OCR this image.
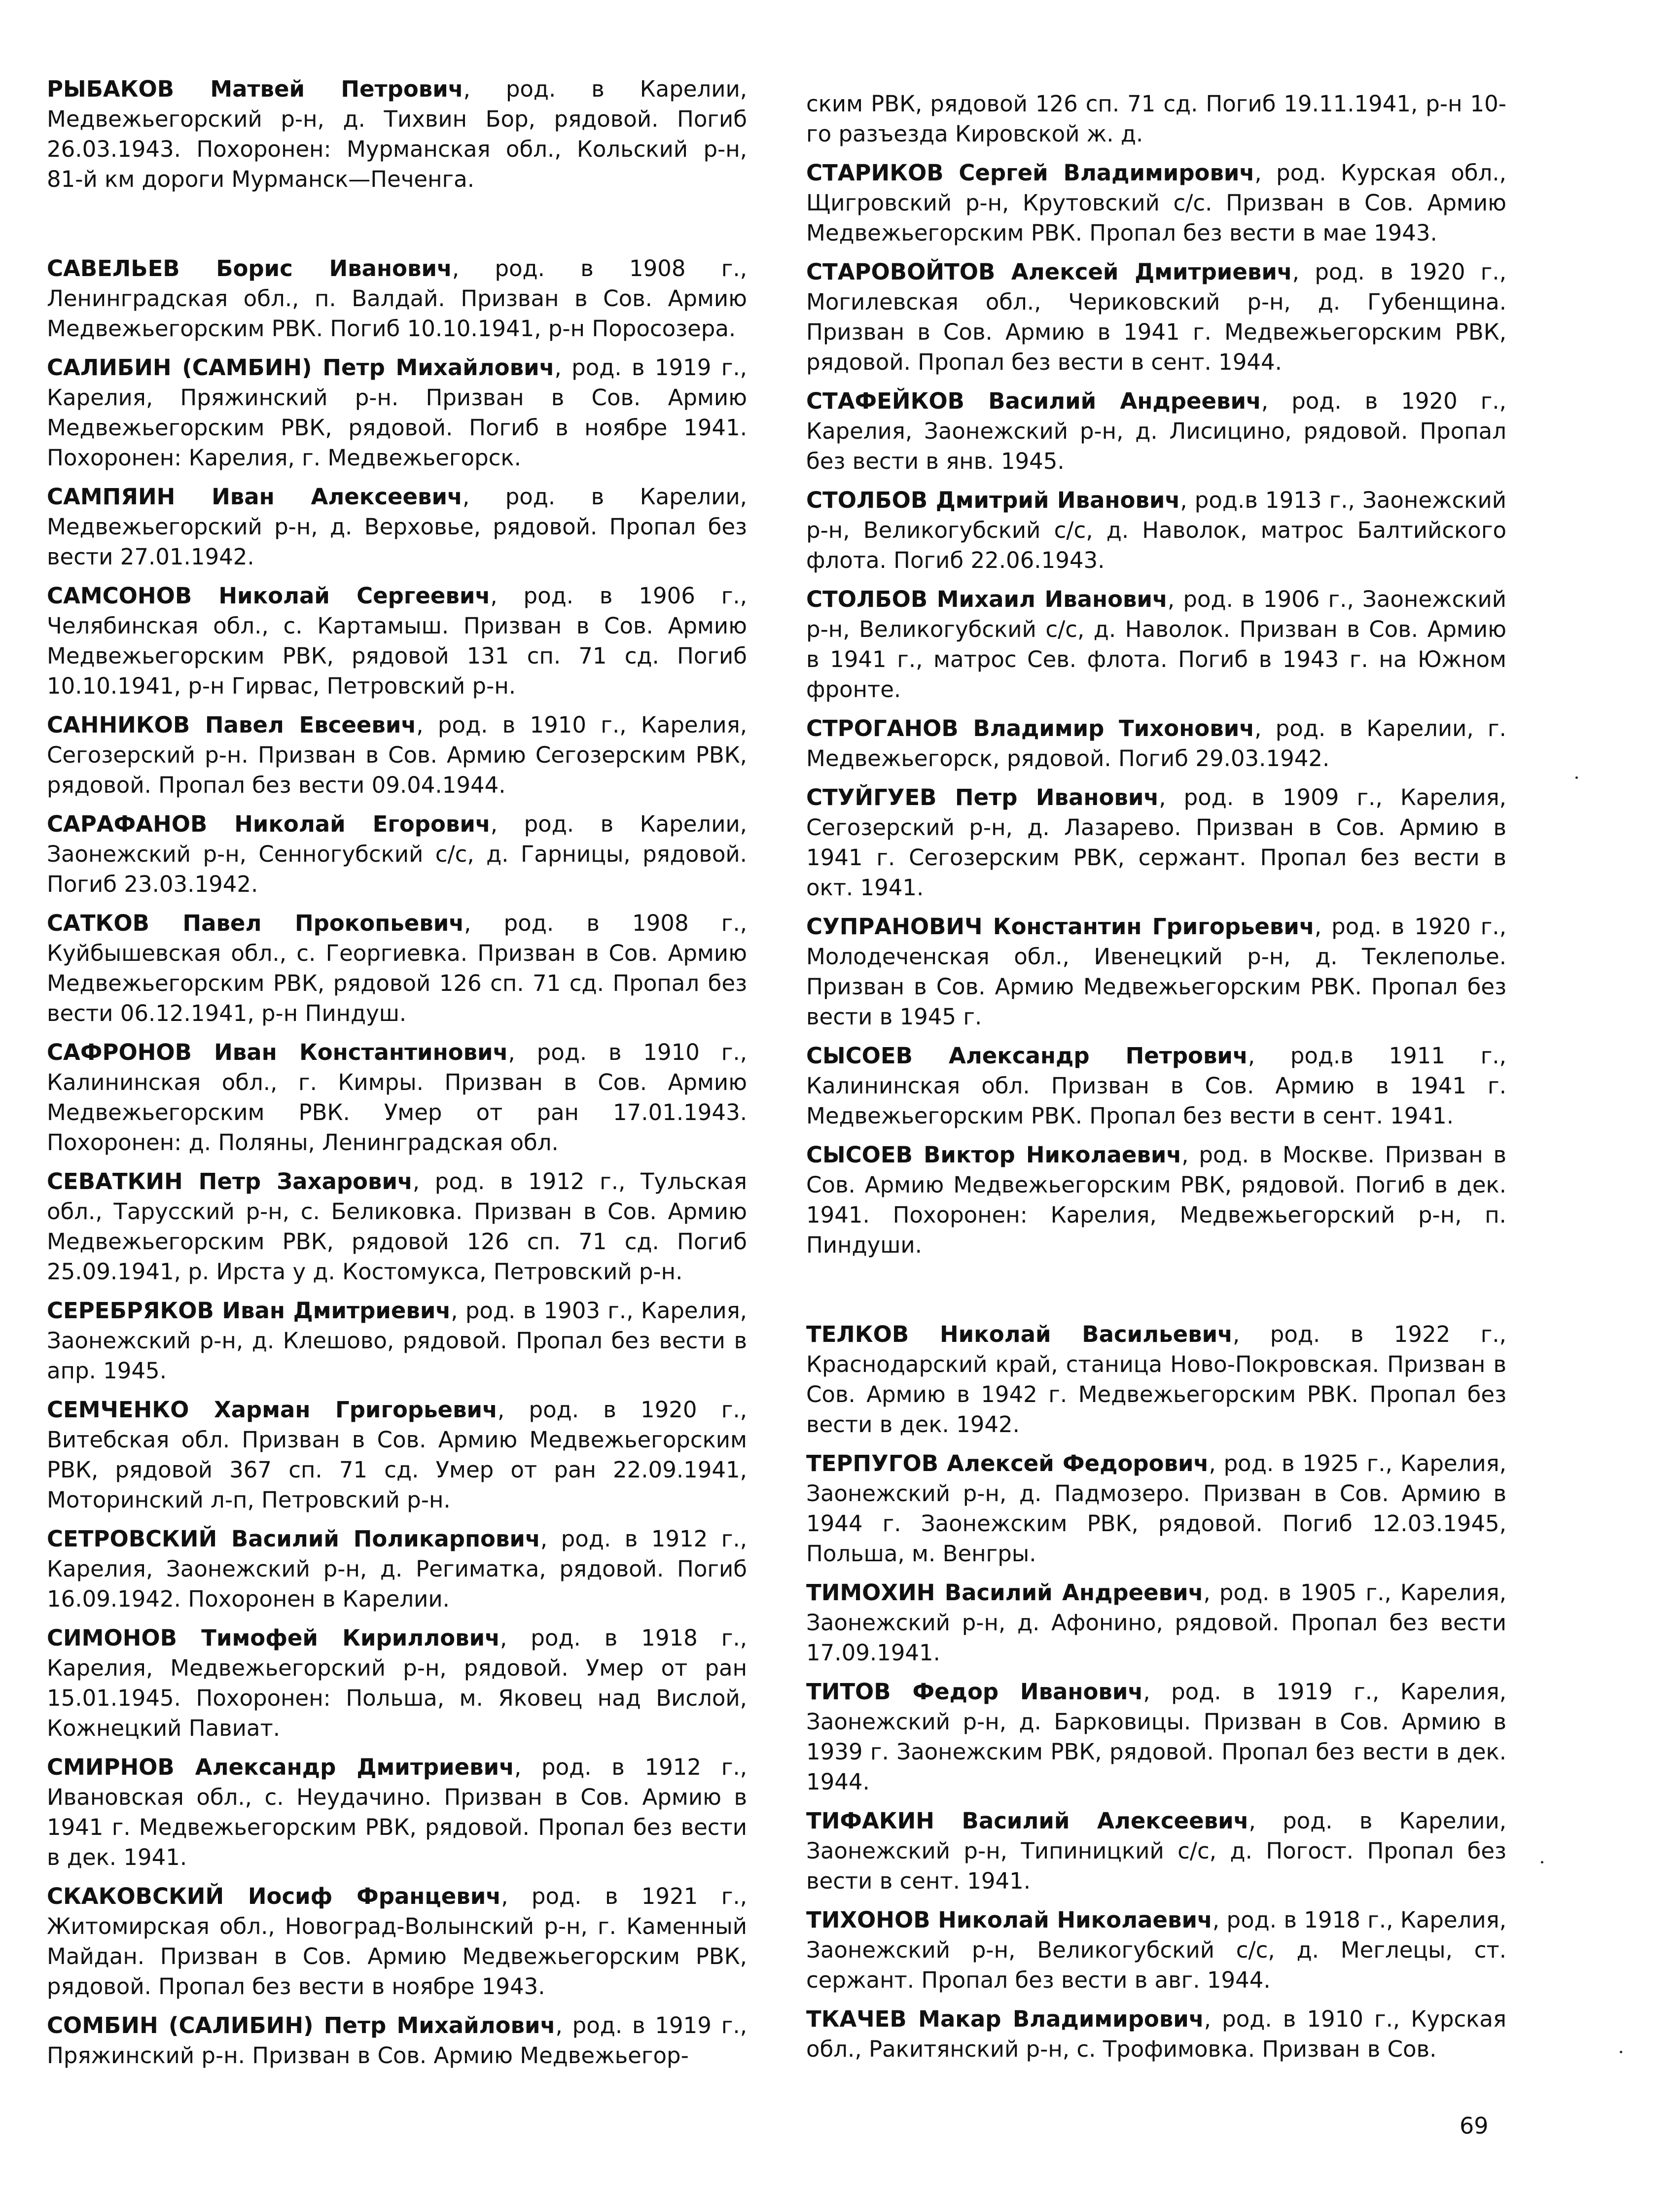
РЫБАКОВ Матвей Петрович, род. в Карелии, Медвежьегорский р-н, д. Тихвин Бор, рядовой. Погиб 26.03.1943. Похоронен: Мурманская обл., Кольский р-н, 81-й км дороги Мурманск—Печенга.

САВЕЛЬЕВ Борис Иванович, род. в 1908 г., Ленинградская обл., п. Валдай. Призван в Сов. Армию Медвежьегорским РВК. Погиб 10.10.1941, р-н Поросозера.

САЛИБИН (САМБИН) Петр Михайлович, род. в 1919 г., Карелия, Пряжинский р-н. Призван в Сов. Армию Медвежьегорским РВК, рядовой. Погиб в ноябре 1941. Похоронен: Карелия, г. Медвежьегорск.

САМПЯИН Иван Алексеевич, род. в Карелии, Медвежьегорский р-н, д. Верховье, рядовой. Пропал без вести 27.01.1942.

САМСОНОВ Николай Сергеевич, род. в 1906 г., Челябинская обл., с. Картамыш. Призван в Сов. Армию Медвежьегорским РВК, рядовой 131 сп. 71 сд. Погиб 10.10.1941, р-н Гирвас, Петровский р-н.

САННИКОВ Павел Евсеевич, род. в 1910 г., Карелия, Сегозерский р-н. Призван в Сов. Армию Сегозерским РВК, рядовой. Пропал без вести 09.04.1944.

САРАФАНОВ Николай Егорович, род. в Карелии, Заонежский р-н, Сенногубский с/с, д. Гарницы, рядовой. Погиб 23.03.1942.

САТКОВ Павел Прокопьевич, род. в 1908 г., Куйбышевская обл., с. Георгиевка. Призван в Сов. Армию Медвежьегорским РВК, рядовой 126 сп. 71 сд. Пропал без вести 06.12.1941, р-н Пиндуш.

САФРОНОВ Иван Константинович, род. в 1910 г., Калининская обл., г. Кимры. Призван в Сов. Армию Медвежьегорским РВК. Умер от ран 17.01.1943. Похоронен: д. Поляны, Ленинградская обл.

СЕВАТКИН Петр Захарович, род. в 1912 г., Тульская обл., Тарусский р-н, с. Беликовка. Призван в Сов. Армию Медвежьегорским РВК, рядовой 126 сп. 71 сд. Погиб 25.09.1941, р. Ирста у д. Костомукса, Петровский р-н.

СЕРЕБРЯКОВ Иван Дмитриевич, род. в 1903 г., Карелия, Заонежский р-н, д. Клешово, рядовой. Пропал без вести в апр. 1945.

СЕМЧЕНКО Харман Григорьевич, род. в 1920 г., Витебская обл. Призван в Сов. Армию Медвежьегорским РВК, рядовой 367 сп. 71 сд. Умер от ран 22.09.1941, Моторинский л-п, Петровский р-н.

СЕТРОВСКИЙ Василий Поликарпович, род. в 1912 г., Карелия, Заонежский р-н, д. Региматка, рядовой. Погиб 16.09.1942. Похоронен в Карелии.

СИМОНОВ Тимофей Кириллович, род. в 1918 г., Карелия, Медвежьегорский р-н, рядовой. Умер от ран 15.01.1945. Похоронен: Польша, м. Яковец над Вислой, Кожнецкий Павиат.

СМИРНОВ Александр Дмитриевич, род. в 1912 г., Ивановская обл., с. Неудачино. Призван в Сов. Армию в 1941 г. Медвежьегорским РВК, рядовой. Пропал без вести в дек. 1941.

СКАКОВСКИЙ Иосиф Францевич, род. в 1921 г., Житомирская обл., Новоград-Волынский р-н, г. Каменный Майдан. Призван в Сов. Армию Медвежьегорским РВК, рядовой. Пропал без вести в ноябре 1943.

СОМБИН (САЛИБИН) Петр Михайлович, род. в 1919 г., Пряжинский р-н. Призван в Сов. Армию Медвежьегор-

ским РВК, рядовой 126 сп. 71 сд. Погиб 19.11.1941, р-н 10-го разъезда Кировской ж. д.

СТАРИКОВ Сергей Владимирович, род. Курская обл., Щигровский р-н, Крутовский с/с. Призван в Сов. Армию Медвежьегорским РВК. Пропал без вести в мае 1943.

СТАРОВОЙТОВ Алексей Дмитриевич, род. в 1920 г., Могилевская обл., Чериковский р-н, д. Губенщина. Призван в Сов. Армию в 1941 г. Медвежьегорским РВК, рядовой. Пропал без вести в сент. 1944.

СТАФЕЙКОВ Василий Андреевич, род. в 1920 г., Карелия, Заонежский р-н, д. Лисицино, рядовой. Пропал без вести в янв. 1945.

СТОЛБОВ Дмитрий Иванович, род.в 1913 г., Заонежский р-н, Великогубский с/с, д. Наволок, матрос Балтийского флота. Погиб 22.06.1943.

СТОЛБОВ Михаил Иванович, род. в 1906 г., Заонежский р-н, Великогубский с/с, д. Наволок. Призван в Сов. Армию в 1941 г., матрос Сев. флота. Погиб в 1943 г. на Южном фронте.

СТРОГАНОВ Владимир Тихонович, род. в Карелии, г. Медвежьегорск, рядовой. Погиб 29.03.1942.

СТУЙГУЕВ Петр Иванович, род. в 1909 г., Карелия, Сегозерский р-н, д. Лазарево. Призван в Сов. Армию в 1941 г. Сегозерским РВК, сержант. Пропал без вести в окт. 1941.

СУПРАНОВИЧ Константин Григорьевич, род. в 1920 г., Молодеченская обл., Ивенецкий р-н, д. Теклеполье. Призван в Сов. Армию Медвежьегорским РВК. Пропал без вести в 1945 г.

СЫСОЕВ Александр Петрович, род.в 1911 г., Калининская обл. Призван в Сов. Армию в 1941 г. Медвежьегорским РВК. Пропал без вести в сент. 1941.

СЫСОЕВ Виктор Николаевич, род. в Москве. Призван в Сов. Армию Медвежьегорским РВК, рядовой. Погиб в дек. 1941. Похоронен: Карелия, Медвежьегорский р-н, п. Пиндуши.

ТЕЛКОВ Николай Васильевич, род. в 1922 г., Краснодарский край, станица Ново-Покровская. Призван в Сов. Армию в 1942 г. Медвежьегорским РВК. Пропал без вести в дек. 1942.

ТЕРПУГОВ Алексей Федорович, род. в 1925 г., Карелия, Заонежский р-н, д. Падмозеро. Призван в Сов. Армию в 1944 г. Заонежским РВК, рядовой. Погиб 12.03.1945, Польша, м. Венгры.

ТИМОХИН Василий Андреевич, род. в 1905 г., Карелия, Заонежский р-н, д. Афонино, рядовой. Пропал без вести 17.09.1941.

ТИТОВ Федор Иванович, род. в 1919 г., Карелия, Заонежский р-н, д. Барковицы. Призван в Сов. Армию в 1939 г. Заонежским РВК, рядовой. Пропал без вести в дек. 1944.

ТИФАКИН Василий Алексеевич, род. в Карелии, Заонежский р-н, Типиницкий с/с, д. Погост. Пропал без вести в сент. 1941.

ТИХОНОВ Николай Николаевич, род. в 1918 г., Карелия, Заонежский р-н, Великогубский с/с, д. Меглецы, ст. сержант. Пропал без вести в авг. 1944.

ТКАЧЕВ Макар Владимирович, род. в 1910 г., Курская обл., Ракитянский р-н, с. Трофимовка. Призван в Сов.

69
